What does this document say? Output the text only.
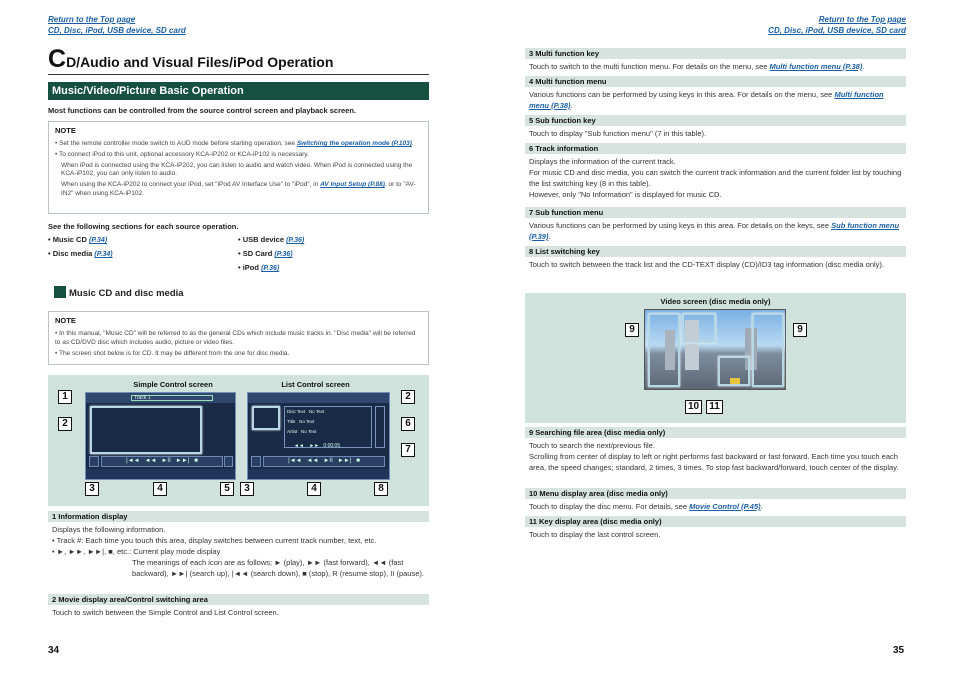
Return to the Top page
CD, Disc, iPod, USB device, SD card
CD/Audio and Visual Files/iPod Operation
Music/Video/Picture Basic Operation
Most functions can be controlled from the source control screen and playback screen.
NOTE

• Set the remote controller mode switch to AUD mode before starting operation, see Switching the operation mode (P.103).

• To connect iPod to this unit, optional accessory KCA-iP202 or KCA-iP102 is necessary.

When iPod is connected using the KCA-iP202, you can listen to audio and watch video. When iPod is connected using the KCA-iP102, you can only listen to audio.

When using the KCA-iP202 to connect your iPod, set "iPod AV Interface Use" to "iPod", in AV Input Setup (P.88), or to "AV-IN2" when using KCA-iP102.

See the following sections for each source operation.
• Music CD (P.34)
• Disc media (P.34)
• USB device (P.36)
• SD Card (P.36)
• iPod (P.36)
Music CD and disc media
NOTE

• In this manual, "Music CD" will be referred to as the general CDs which include music tracks in. "Disc media" will be referred to as CD/DVD disc which includes audio, picture or video files.

• The screen shot below is for CD. It may be different from the one for disc media.

Simple Control screen	List Control screen
Track 1
|◄◄   ◄◄   ►II   ►►|   ■
Disc Text No Text
Title No Text
Artist No Text
◄◄    ►►   0:00:05
|◄◄   ◄◄   ►II   ►►|   ■
1
2
3	4	5
2
6
7
3	4	8
1 Information display
Displays the following information.
• Track #: Each time you touch this area, display switches between current track number, text, etc.
• ►, ►►, ►►|, ■, etc.: Current play mode display
The meanings of each icon are as follows; ► (play), ►► (fast forward), ◄◄ (fast backward), ►►| (search up), |◄◄ (search down), ■ (stop), R (resume stop), II (pause).
2 Movie display area/Control switching area
Touch to switch between the Simple Control and List Control screen.
34
Return to the Top page
CD, Disc, iPod, USB device, SD card
3 Multi function key
Touch to switch to the multi function menu. For details on the menu, see Multi function menu (P.38).
4 Multi function menu
Various functions can be performed by using keys in this area. For details on the menu, see Multi function menu (P.38).
5 Sub function key
Touch to display "Sub function menu" (7 in this table).
6 Track information
Displays the information of the current track.
For music CD and disc media, you can switch the current track information and the current folder list by touching the list switching key (8 in this table).
However, only "No Information" is displayed for music CD.
7 Sub function menu
Various functions can be performed by using keys in this area. For details on the keys, see Sub function menu (P.39).
8 List switching key
Touch to switch between the track list and the CD-TEXT display (CD)/ID3 tag information (disc media only).
Video screen (disc media only)
9	9
10	11
9 Searching file area (disc media only)
Touch to search the next/previous file.
Scrolling from center of display to left or right performs fast backward or fast forward. Each time you touch each area, the speed changes; standard, 2 times, 3 times. To stop fast backward/forward, touch center of the display.
10 Menu display area (disc media only)
Touch to display the disc menu. For details, see Movie Control (P.45).
11 Key display area (disc media only)
Touch to display the last control screen.
35
